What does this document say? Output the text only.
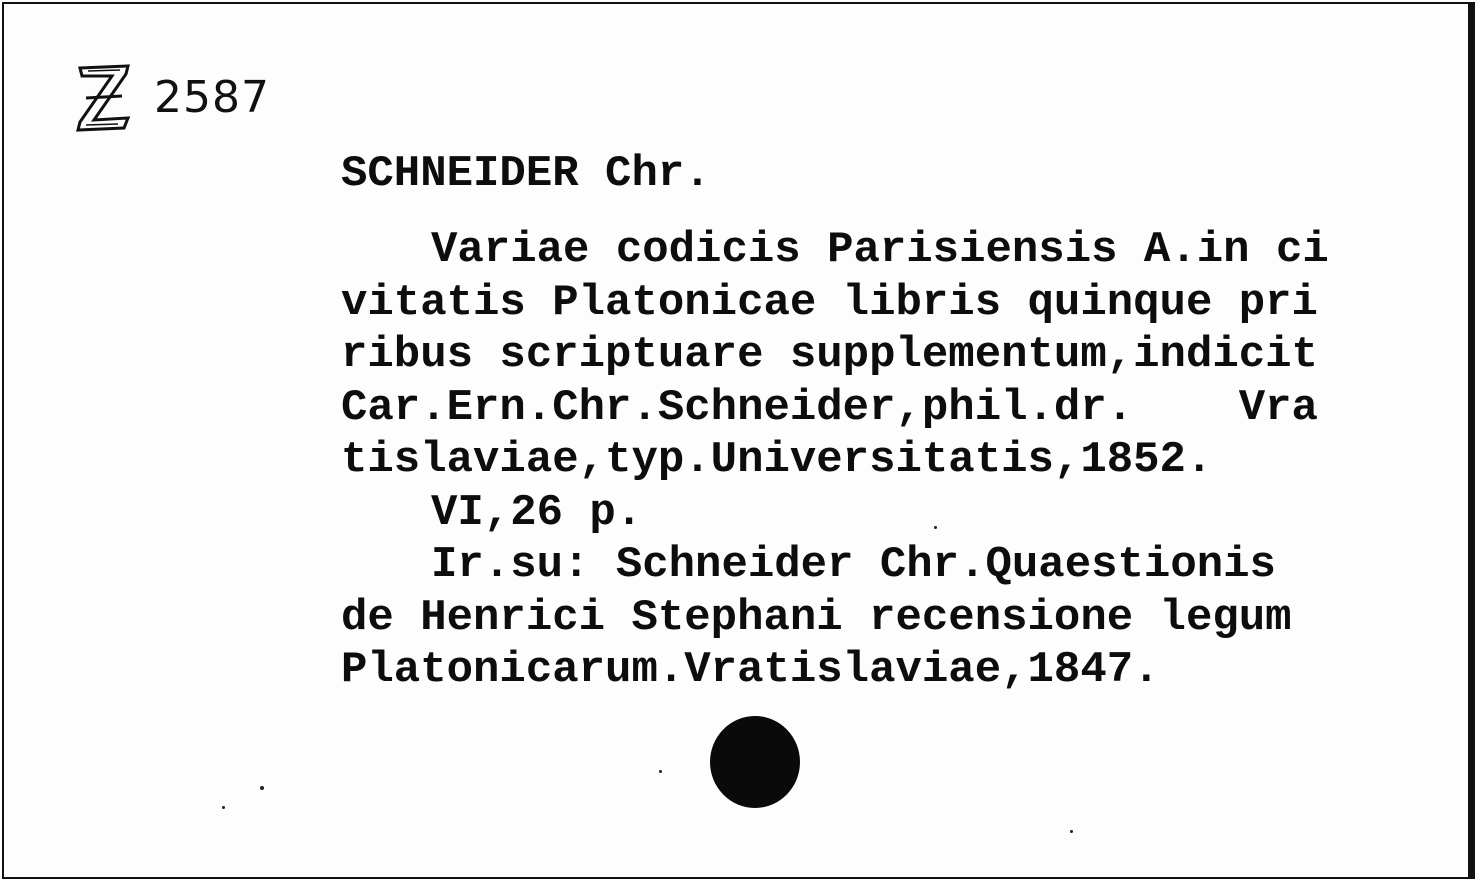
2587
SCHNEIDER Chr.
Variae codicis Parisiensis A.in ci
vitatis Platonicae libris quinque pri
ribus scriptuare supplementum,indicit
Car.Ern.Chr.Schneider,phil.dr.    Vra
tislaviae,typ.Universitatis,1852.
VI,26 p.
Ir.su: Schneider Chr.Quaestionis
de Henrici Stephani recensione legum
Platonicarum.Vratislaviae,1847.
